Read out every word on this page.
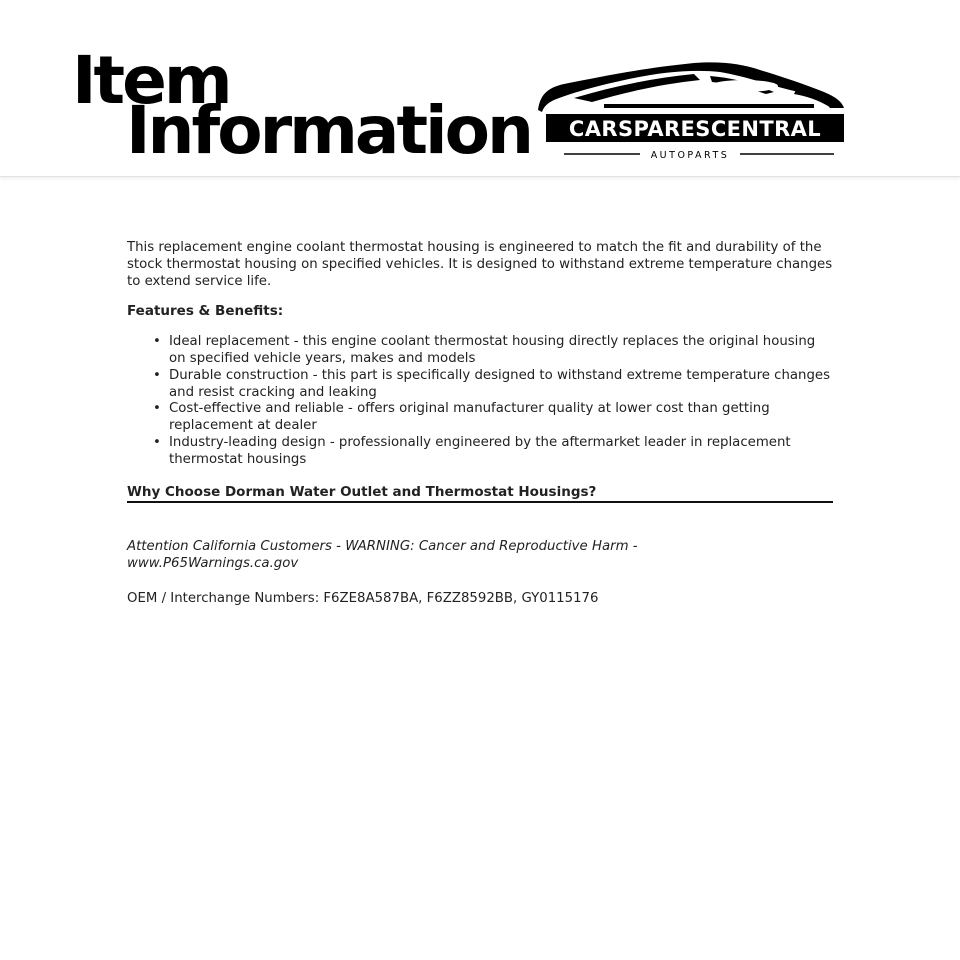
Item
Information CARSPARESCENTRAL
AUTOPARTS

This replacement engine coolant thermostat housing is engineered to match the fit and durability of the stock thermostat housing on specified vehicles. It is designed to withstand extreme temperature changes to extend service life.

Features & Benefits:

• Ideal replacement - this engine coolant thermostat housing directly replaces the original housing on specified vehicle years, makes and models
• Durable construction - this part is specifically designed to withstand extreme temperature changes and resist cracking and leaking
• Cost-effective and reliable - offers original manufacturer quality at lower cost than getting replacement at dealer
• Industry-leading design - professionally engineered by the aftermarket leader in replacement thermostat housings

Why Choose Dorman Water Outlet and Thermostat Housings?

Attention California Customers - WARNING: Cancer and Reproductive Harm - www.P65Warnings.ca.gov

OEM / Interchange Numbers: F6ZE8A587BA, F6ZZ8592BB, GY0115176
